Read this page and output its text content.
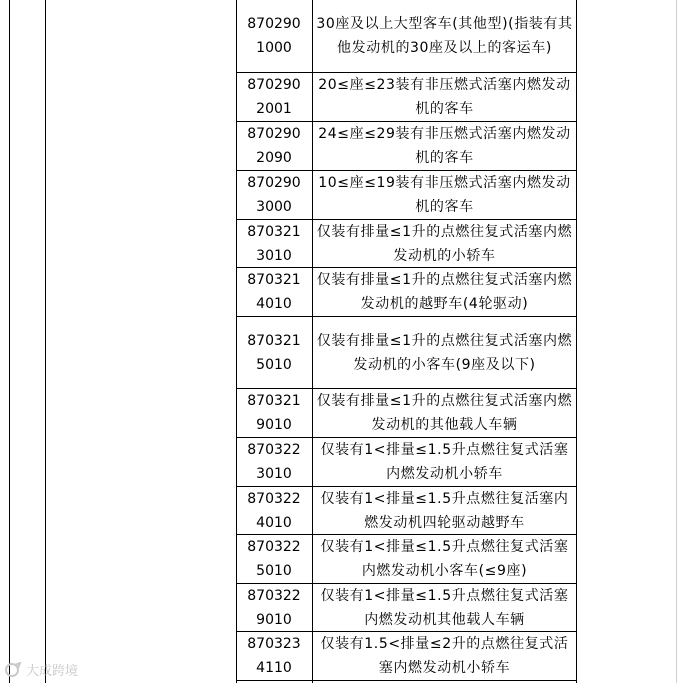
870290
1000
30座及以上大型客车(其他型)(指装有其他发动机的30座及以上的客运车)
870290
2001
20≤座≤23装有非压燃式活塞内燃发动机的客车
870290
2090
24≤座≤29装有非压燃式活塞内燃发动机的客车
870290
3000
10≤座≤19装有非压燃式活塞内燃发动机的客车
870321
3010
仅装有排量≤1升的点燃往复式活塞内燃发动机的小轿车
870321
4010
仅装有排量≤1升的点燃往复式活塞内燃发动机的越野车(4轮驱动)
870321
5010
仅装有排量≤1升的点燃往复式活塞内燃发动机的小客车(9座及以下)
870321
9010
仅装有排量≤1升的点燃往复式活塞内燃发动机的其他载人车辆
870322
3010
仅装有1<排量≤1.5升点燃往复式活塞内燃发动机小轿车
870322
4010
仅装有1<排量≤1.5升点燃往复活塞内燃发动机四轮驱动越野车
870322
5010
仅装有1<排量≤1.5升点燃往复式活塞内燃发动机小客车(≤9座)
870322
9010
仅装有1<排量≤1.5升点燃往复式活塞内燃发动机其他载人车辆
870323
4110
仅装有1.5<排量≤2升的点燃往复式活塞内燃发动机小轿车
大成跨境
